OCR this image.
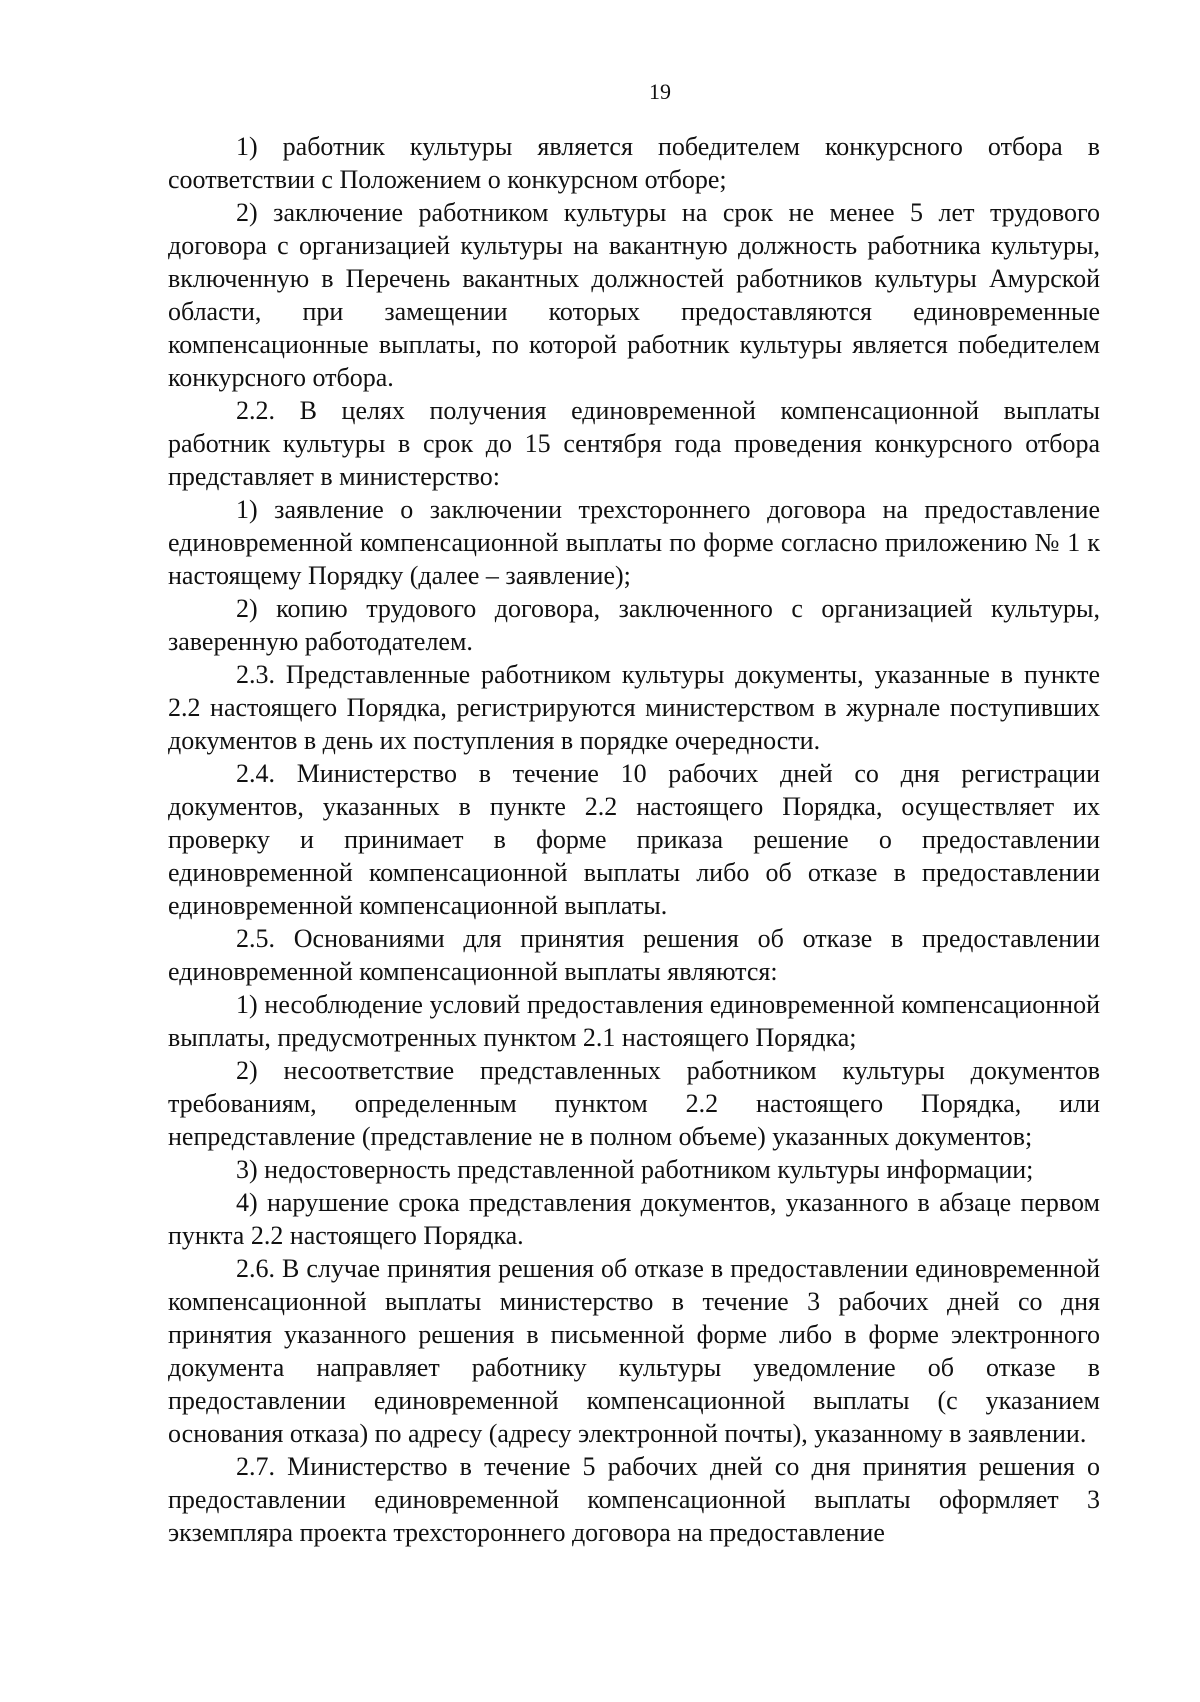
19

1) работник культуры является победителем конкурсного отбора в соответствии с Положением о конкурсном отборе;

2) заключение работником культуры на срок не менее 5 лет трудового договора с организацией культуры на вакантную должность работника культуры, включенную в Перечень вакантных должностей работников культуры Амурской области, при замещении которых предоставляются единовременные компенсационные выплаты, по которой работник культуры является победителем конкурсного отбора.

2.2. В целях получения единовременной компенсационной выплаты работник культуры в срок до 15 сентября года проведения конкурсного отбора представляет в министерство:

1) заявление о заключении трехстороннего договора на предоставление единовременной компенсационной выплаты по форме согласно приложению № 1 к настоящему Порядку (далее – заявление);

2) копию трудового договора, заключенного с организацией культуры, заверенную работодателем.

2.3. Представленные работником культуры документы, указанные в пункте 2.2 настоящего Порядка, регистрируются министерством в журнале поступивших документов в день их поступления в порядке очередности.

2.4. Министерство в течение 10 рабочих дней со дня регистрации документов, указанных в пункте 2.2 настоящего Порядка, осуществляет их проверку и принимает в форме приказа решение о предоставлении единовременной компенсационной выплаты либо об отказе в предоставлении единовременной компенсационной выплаты.

2.5. Основаниями для принятия решения об отказе в предоставлении единовременной компенсационной выплаты являются:

1) несоблюдение условий предоставления единовременной компенсационной выплаты, предусмотренных пунктом 2.1 настоящего Порядка;

2) несоответствие представленных работником культуры документов требованиям, определенным пунктом 2.2 настоящего Порядка, или непредставление (представление не в полном объеме) указанных документов;

3) недостоверность представленной работником культуры информации;

4) нарушение срока представления документов, указанного в абзаце первом пункта 2.2 настоящего Порядка.

2.6. В случае принятия решения об отказе в предоставлении единовременной компенсационной выплаты министерство в течение 3 рабочих дней со дня принятия указанного решения в письменной форме либо в форме электронного документа направляет работнику культуры уведомление об отказе в предоставлении единовременной компенсационной выплаты (с указанием основания отказа) по адресу (адресу электронной почты), указанному в заявлении.

2.7. Министерство в течение 5 рабочих дней со дня принятия решения о предоставлении единовременной компенсационной выплаты оформляет 3 экземпляра проекта трехстороннего договора на предоставление
